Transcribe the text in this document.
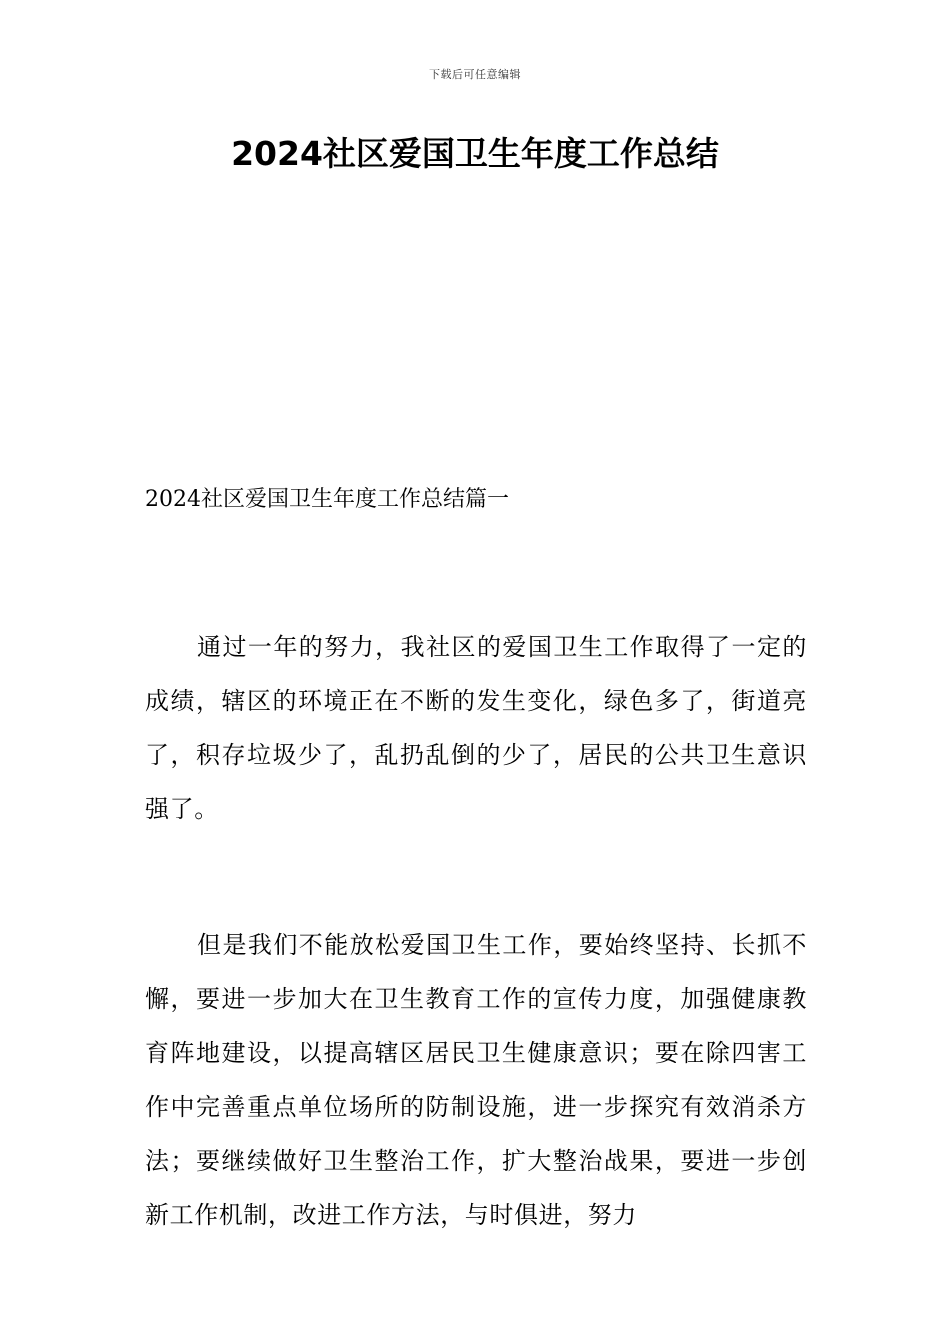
下载后可任意编辑
2024社区爱国卫生年度工作总结
2024社区爱国卫生年度工作总结篇一

通过一年的努力，我社区的爱国卫生工作取得了一定的成绩，辖区的环境正在不断的发生变化，绿色多了，街道亮了，积存垃圾少了，乱扔乱倒的少了，居民的公共卫生意识强了。

但是我们不能放松爱国卫生工作，要始终坚持、长抓不懈，要进一步加大在卫生教育工作的宣传力度，加强健康教育阵地建设，以提高辖区居民卫生健康意识；要在除四害工作中完善重点单位场所的防制设施，进一步探究有效消杀方法；要继续做好卫生整治工作，扩大整治战果，要进一步创新工作机制，改进工作方法，与时俱进，努力
